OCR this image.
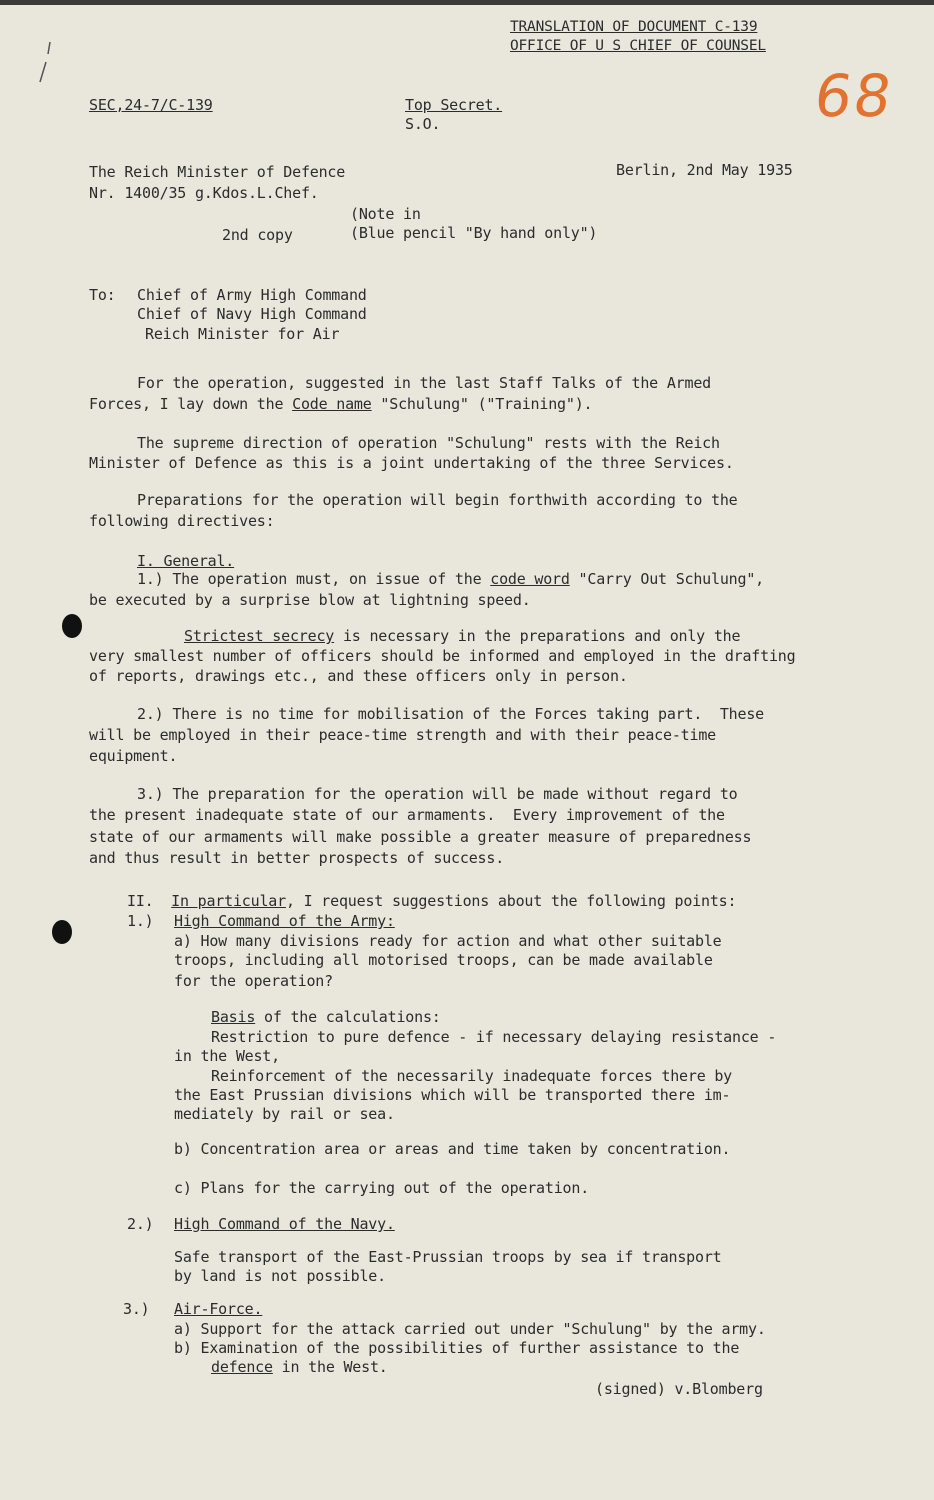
TRANSLATION OF DOCUMENT C-139
OFFICE OF U S CHIEF OF COUNSEL
68
SEC,24-7/C-139	Top Secret.
S.O.
The Reich Minister of Defence	Berlin, 2nd May 1935
Nr. 1400/35 g.Kdos.L.Chef.
(Note in
2nd copy	(Blue pencil "By hand only")
To: Chief of Army High Command
Chief of Navy High Command
Reich Minister for Air
For the operation, suggested in the last Staff Talks of the Armed
Forces, I lay down the Code name "Schulung" ("Training").
The supreme direction of operation "Schulung" rests with the Reich
Minister of Defence as this is a joint undertaking of the three Services.
Preparations for the operation will begin forthwith according to the
following directives:
I. General.
1.) The operation must, on issue of the code word "Carry Out Schulung",
be executed by a surprise blow at lightning speed.
Strictest secrecy is necessary in the preparations and only the
very smallest number of officers should be informed and employed in the drafting
of reports, drawings etc., and these officers only in person.
2.) There is no time for mobilisation of the Forces taking part.  These
will be employed in their peace-time strength and with their peace-time
equipment.
3.) The preparation for the operation will be made without regard to
the present inadequate state of our armaments.  Every improvement of the
state of our armaments will make possible a greater measure of preparedness
and thus result in better prospects of success.
II.  In particular, I request suggestions about the following points:
1.) High Command of the Army:
a) How many divisions ready for action and what other suitable
troops, including all motorised troops, can be made available
for the operation?
Basis of the calculations:
Restriction to pure defence - if necessary delaying resistance -
in the West,
Reinforcement of the necessarily inadequate forces there by
the East Prussian divisions which will be transported there im-
mediately by rail or sea.
b) Concentration area or areas and time taken by concentration.
c) Plans for the carrying out of the operation.
2.) High Command of the Navy.
Safe transport of the East-Prussian troops by sea if transport
by land is not possible.
3.) Air-Force.
a) Support for the attack carried out under "Schulung" by the army.
b) Examination of the possibilities of further assistance to the
defence in the West.
(signed) v.Blomberg
